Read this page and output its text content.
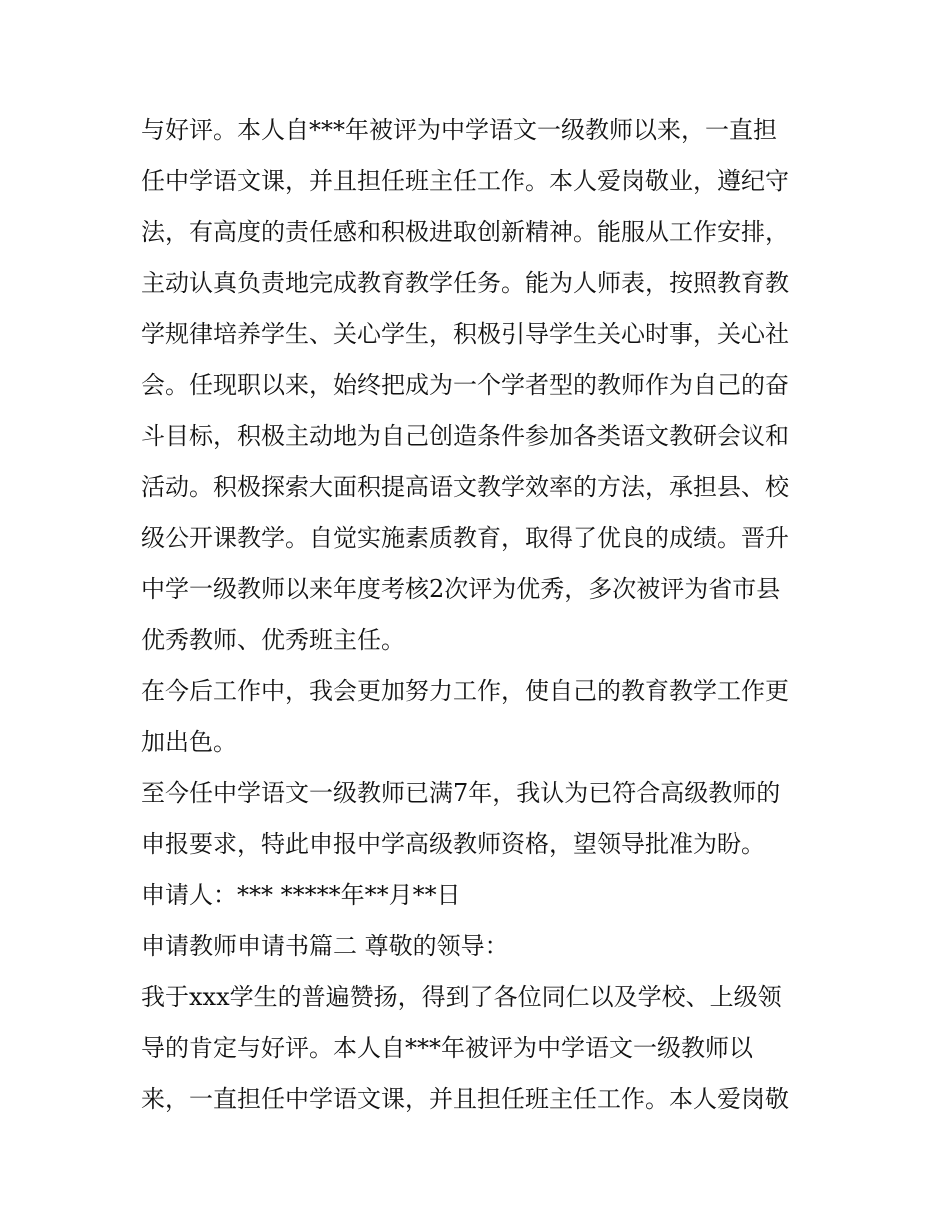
与好评。本人自***年被评为中学语文一级教师以来，一直担
任中学语文课，并且担任班主任工作。本人爱岗敬业，遵纪守
法，有高度的责任感和积极进取创新精神。能服从工作安排，
主动认真负责地完成教育教学任务。能为人师表，按照教育教
学规律培养学生、关心学生，积极引导学生关心时事，关心社
会。任现职以来，始终把成为一个学者型的教师作为自己的奋
斗目标，积极主动地为自己创造条件参加各类语文教研会议和
活动。积极探索大面积提高语文教学效率的方法，承担县、校
级公开课教学。自觉实施素质教育，取得了优良的成绩。晋升
中学一级教师以来年度考核2次评为优秀，多次被评为省市县
优秀教师、优秀班主任。
在今后工作中，我会更加努力工作，使自己的教育教学工作更
加出色。
至今任中学语文一级教师已满7年，我认为已符合高级教师的
申报要求，特此申报中学高级教师资格，望领导批准为盼。
申请人：*** *****年**月**日
申请教师申请书篇二 尊敬的领导：
我于xxx学生的普遍赞扬，得到了各位同仁以及学校、上级领
导的肯定与好评。本人自***年被评为中学语文一级教师以
来，一直担任中学语文课，并且担任班主任工作。本人爱岗敬
